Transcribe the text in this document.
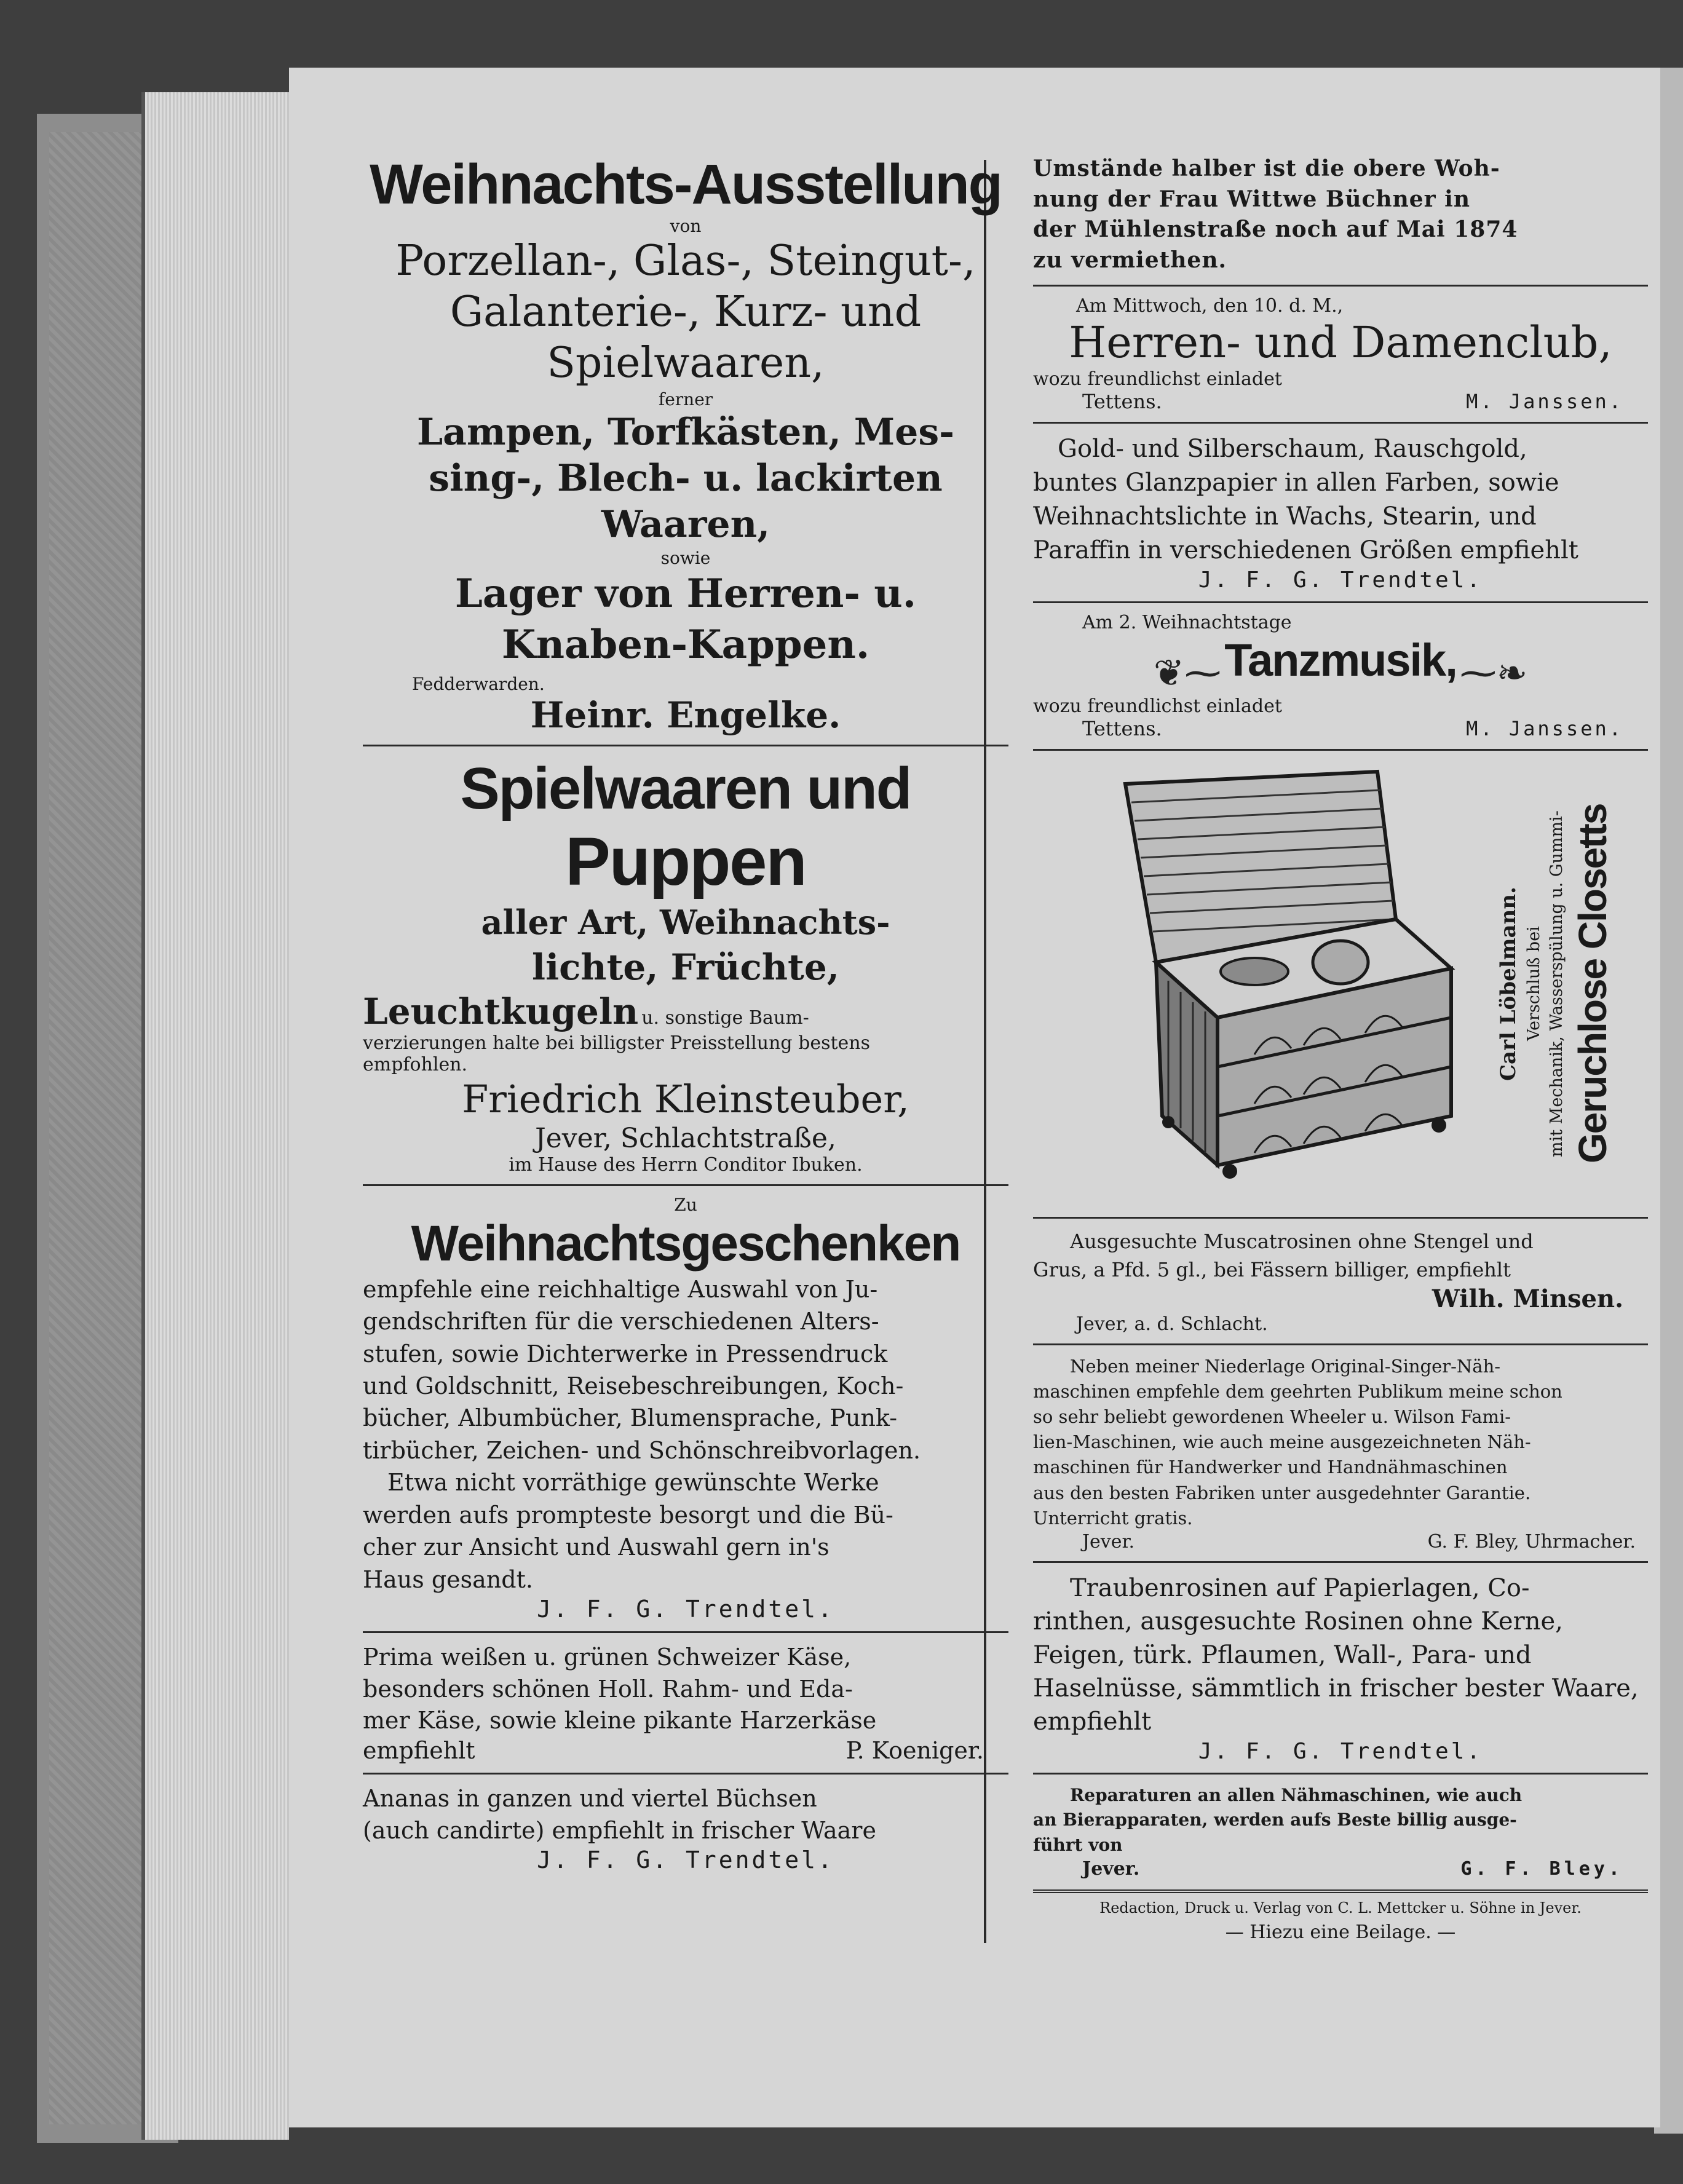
Weihnachts-Ausstellung
von
Porzellan-, Glas-, Steingut-,
Galanterie-, Kurz- und
Spielwaaren,
ferner
Lampen, Torfkästen, Mes-
sing-, Blech- u. lackirten
Waaren,
sowie
Lager von Herren- u.
Knaben-Kappen.
Fedderwarden.
Heinr. Engelke.
Spielwaaren und
Puppen
aller Art, Weihnachts-
lichte, Früchte,
Leuchtkugeln u. sonstige Baum-
verzierungen halte bei billigster Preisstellung bestens
empfohlen.
Friedrich Kleinsteuber,
Jever, Schlachtstraße,
im Hause des Herrn Conditor Ibuken.
Zu
Weihnachtsgeschenken
empfehle eine reichhaltige Auswahl von Ju-
gendschriften für die verschiedenen Alters-
stufen, sowie Dichterwerke in Pressendruck
und Goldschnitt, Reisebeschreibungen, Koch-
bücher, Albumbücher, Blumensprache, Punk-
tirbücher, Zeichen- und Schönschreibvorlagen.
Etwa nicht vorräthige gewünschte Werke
werden aufs prompteste besorgt und die Bü-
cher zur Ansicht und Auswahl gern in's
Haus gesandt.
J. F. G. Trendtel.
Prima weißen u. grünen Schweizer Käse,
besonders schönen Holl. Rahm- und Eda-
mer Käse, sowie kleine pikante Harzerkäse
empfiehlt	P. Koeniger.
Ananas in ganzen und viertel Büchsen
(auch candirte) empfiehlt in frischer Waare
J. F. G. Trendtel.
Umstände halber ist die obere Woh-
nung der Frau Wittwe Büchner in
der Mühlenstraße noch auf Mai 1874
zu vermiethen.
Am Mittwoch, den 10. d. M.,
Herren- und Damenclub,
wozu freundlichst einladet
Tettens.	M. Janssen.
Gold- und Silberschaum, Rauschgold,
buntes Glanzpapier in allen Farben, sowie
Weihnachtslichte in Wachs, Stearin, und
Paraffin in verschiedenen Größen empfiehlt
J. F. G. Trendtel.
Am 2. Weihnachtstage
❦⁓ Tanzmusik, ⁓❧
wozu freundlichst einladet
Tettens.	M. Janssen.
Geruchlose Closetts
mit Mechanik, Wasserspülung u. Gummi-
Verschluß bei
Carl Löbelmann.
Ausgesuchte Muscatrosinen ohne Stengel und
Grus, a Pfd. 5 gl., bei Fässern billiger, empfiehlt
Wilh. Minsen.
Jever, a. d. Schlacht.
Neben meiner Niederlage Original-Singer-Näh-
maschinen empfehle dem geehrten Publikum meine schon
so sehr beliebt gewordenen Wheeler u. Wilson Fami-
lien-Maschinen, wie auch meine ausgezeichneten Näh-
maschinen für Handwerker und Handnähmaschinen
aus den besten Fabriken unter ausgedehnter Garantie.
Unterricht gratis.
Jever.	G. F. Bley, Uhrmacher.
Traubenrosinen auf Papierlagen, Co-
rinthen, ausgesuchte Rosinen ohne Kerne,
Feigen, türk. Pflaumen, Wall-, Para- und
Haselnüsse, sämmtlich in frischer bester Waare,
empfiehlt
J. F. G. Trendtel.
Reparaturen an allen Nähmaschinen, wie auch
an Bierapparaten, werden aufs Beste billig ausge-
führt von
Jever.	G. F. Bley.
Redaction, Druck u. Verlag von C. L. Mettcker u. Söhne in Jever.
— Hiezu eine Beilage. —
